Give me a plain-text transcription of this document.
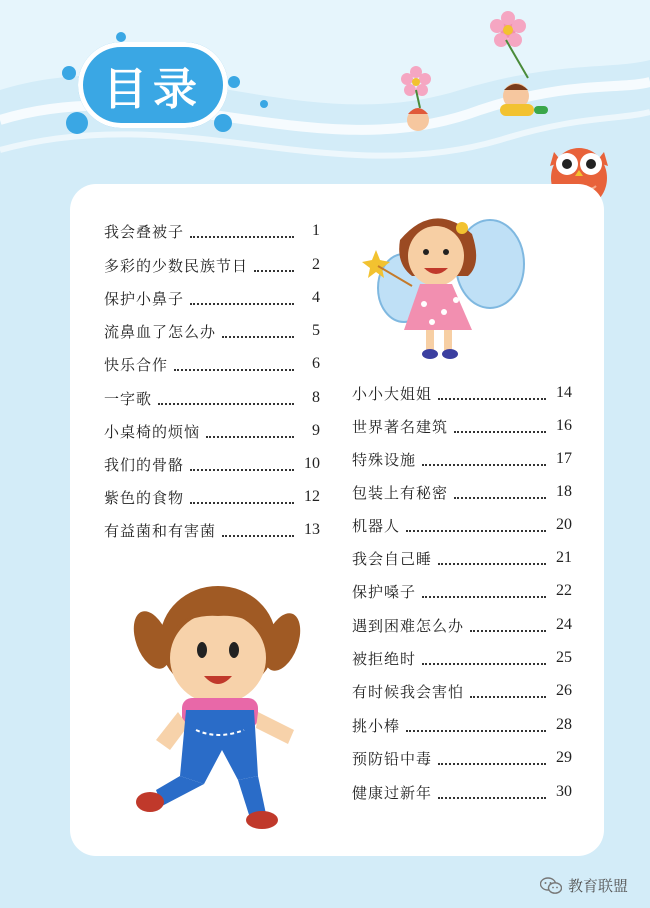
目录
我会叠被子	1
多彩的少数民族节日	2
保护小鼻子	4
流鼻血了怎么办	5
快乐合作	6
一字歌	8
小桌椅的烦恼	9
我们的骨骼	10
紫色的食物	12
有益菌和有害菌	13
小小大姐姐	14
世界著名建筑	16
特殊设施	17
包装上有秘密	18
机器人	20
我会自己睡	21
保护嗓子	22
遇到困难怎么办	24
被拒绝时	25
有时候我会害怕	26
挑小棒	28
预防铅中毒	29
健康过新年	30
教育联盟
